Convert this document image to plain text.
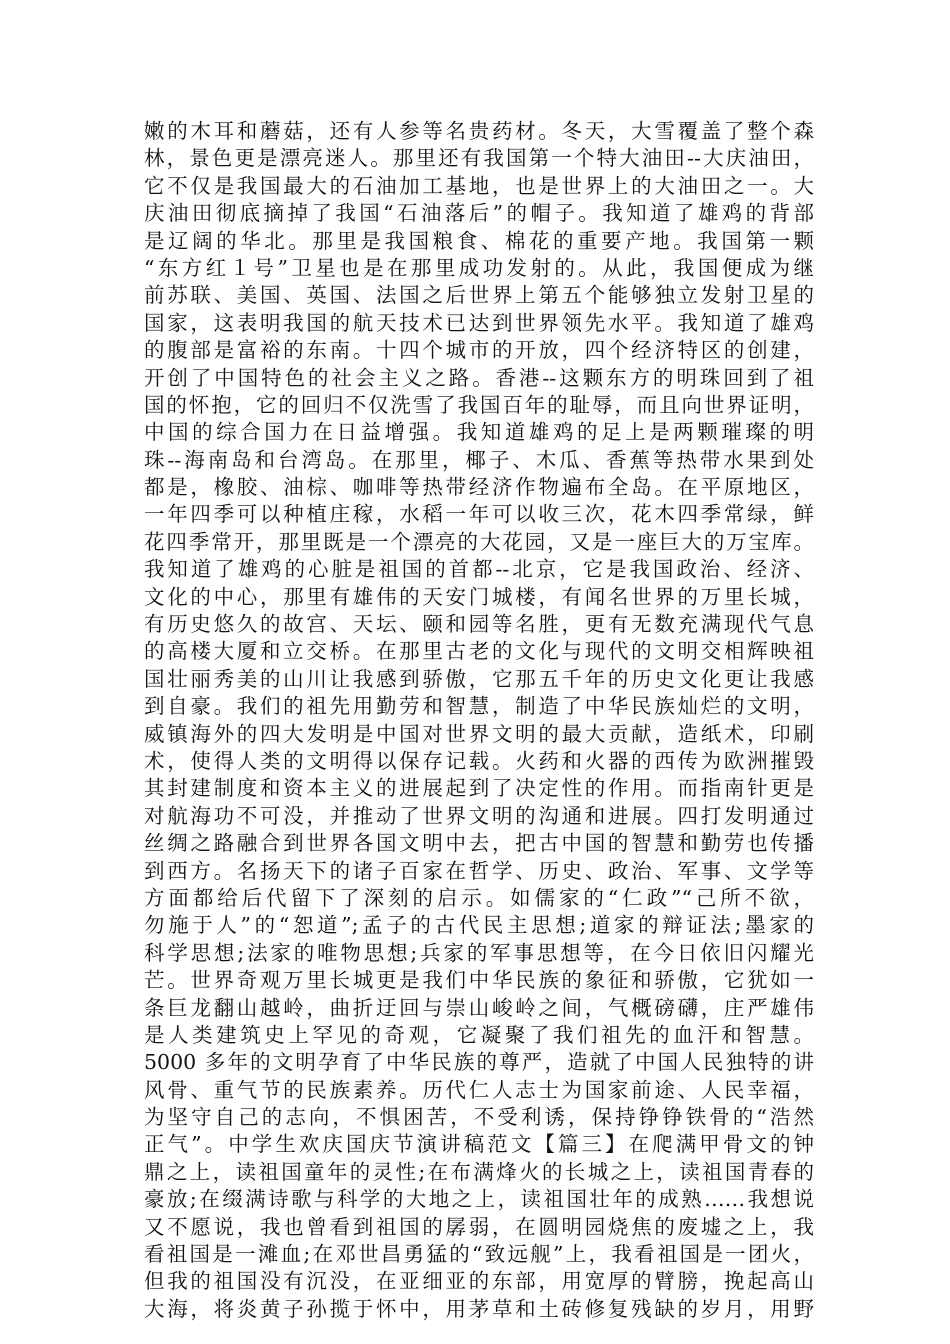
嫩的木耳和蘑菇，还有人参等名贵药材。冬天，大雪覆盖了整个森
林，景色更是漂亮迷人。那里还有我国第一个特大油田--大庆油田，
它不仅是我国最大的石油加工基地，也是世界上的大油田之一。大
庆油田彻底摘掉了我国“石油落后”的帽子。我知道了雄鸡的背部
是辽阔的华北。那里是我国粮食、棉花的重要产地。我国第一颗
“东方红１号”卫星也是在那里成功发射的。从此，我国便成为继
前苏联、美国、英国、法国之后世界上第五个能够独立发射卫星的
国家，这表明我国的航天技术已达到世界领先水平。我知道了雄鸡
的腹部是富裕的东南。十四个城市的开放，四个经济特区的创建，
开创了中国特色的社会主义之路。香港--这颗东方的明珠回到了祖
国的怀抱，它的回归不仅洗雪了我国百年的耻辱，而且向世界证明，
中国的综合国力在日益增强。我知道雄鸡的足上是两颗璀璨的明
珠--海南岛和台湾岛。在那里，椰子、木瓜、香蕉等热带水果到处
都是，橡胶、油棕、咖啡等热带经济作物遍布全岛。在平原地区，
一年四季可以种植庄稼，水稻一年可以收三次，花木四季常绿，鲜
花四季常开，那里既是一个漂亮的大花园，又是一座巨大的万宝库。
我知道了雄鸡的心脏是祖国的首都--北京，它是我国政治、经济、
文化的中心，那里有雄伟的天安门城楼，有闻名世界的万里长城，
有历史悠久的故宫、天坛、颐和园等名胜，更有无数充满现代气息
的高楼大厦和立交桥。在那里古老的文化与现代的文明交相辉映祖
国壮丽秀美的山川让我感到骄傲，它那五千年的历史文化更让我感
到自豪。我们的祖先用勤劳和智慧，制造了中华民族灿烂的文明，
威镇海外的四大发明是中国对世界文明的最大贡献，造纸术，印刷
术，使得人类的文明得以保存记载。火药和火器的西传为欧洲摧毁
其封建制度和资本主义的进展起到了决定性的作用。而指南针更是
对航海功不可没，并推动了世界文明的沟通和进展。四打发明通过
丝绸之路融合到世界各国文明中去，把古中国的智慧和勤劳也传播
到西方。名扬天下的诸子百家在哲学、历史、政治、军事、文学等
方面都给后代留下了深刻的启示。如儒家的“仁政”“己所不欲，
勿施于人”的“恕道”;孟子的古代民主思想;道家的辩证法;墨家的
科学思想;法家的唯物思想;兵家的军事思想等，在今日依旧闪耀光
芒。世界奇观万里长城更是我们中华民族的象征和骄傲，它犹如一
条巨龙翻山越岭，曲折迂回与崇山峻岭之间，气概磅礴，庄严雄伟
是人类建筑史上罕见的奇观，它凝聚了我们祖先的血汗和智慧。
5000 多年的文明孕育了中华民族的尊严，造就了中国人民独特的讲
风骨、重气节的民族素养。历代仁人志士为国家前途、人民幸福，
为坚守自己的志向，不惧困苦，不受利诱，保持铮铮铁骨的“浩然
正气”。中学生欢庆国庆节演讲稿范文【篇三】在爬满甲骨文的钟
鼎之上，读祖国童年的灵性;在布满烽火的长城之上，读祖国青春的
豪放;在缀满诗歌与科学的大地之上，读祖国壮年的成熟……我想说
又不愿说，我也曾看到祖国的孱弱，在圆明园烧焦的废墟之上，我
看祖国是一滩血;在邓世昌勇猛的“致远舰”上，我看祖国是一团火，
但我的祖国没有沉没，在亚细亚的东部，用宽厚的臂膀，挽起高山
大海，将炎黄子孙揽于怀中，用茅草和土砖修复残缺的岁月，用野
